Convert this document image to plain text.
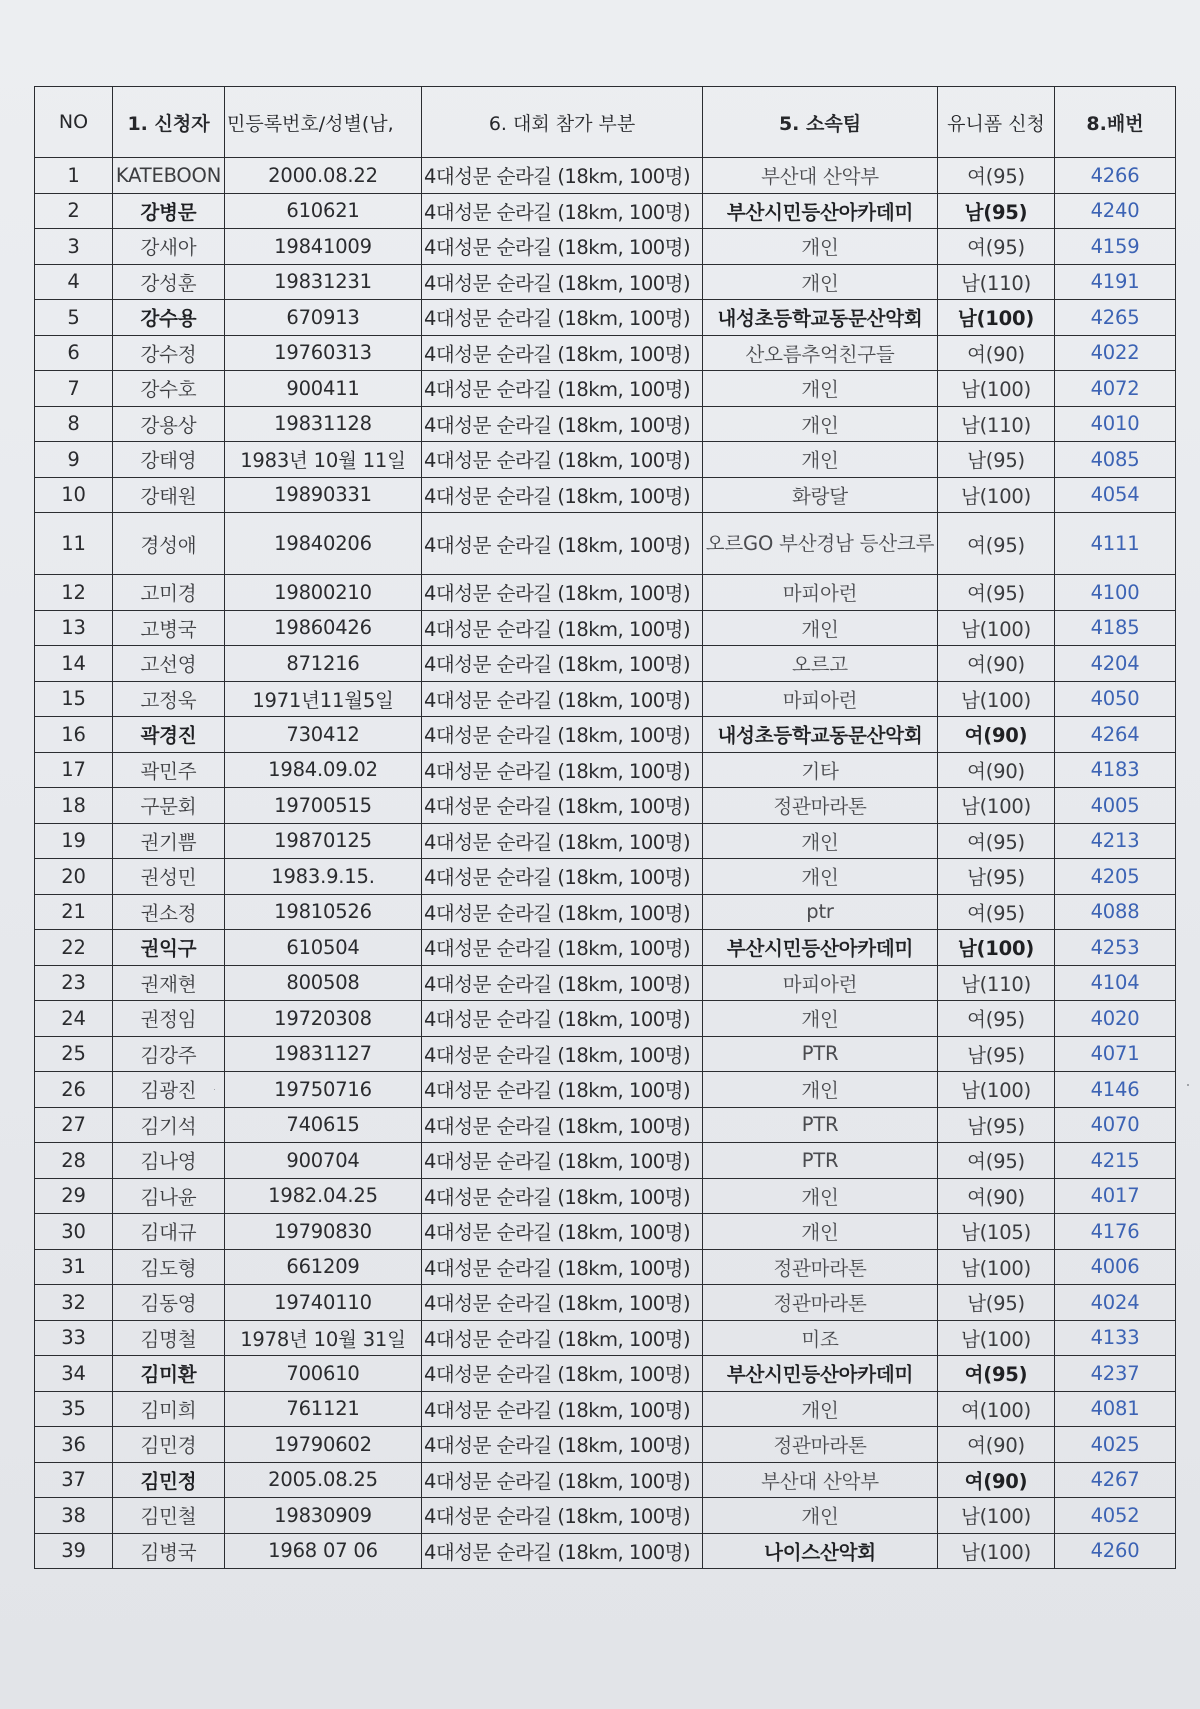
NO	1. 신청자	민등록번호/성별(남,	6. 대회 참가 부분	5. 소속팀	유니폼 신청	8.배번
1	KATEBOON	2000.08.22	4대성문 순라길 (18km, 100명)	부산대 산악부	여(95)	4266
2	강병문	610621	4대성문 순라길 (18km, 100명)	부산시민등산아카데미	남(95)	4240
3	강새아	19841009	4대성문 순라길 (18km, 100명)	개인	여(95)	4159
4	강성훈	19831231	4대성문 순라길 (18km, 100명)	개인	남(110)	4191
5	강수용	670913	4대성문 순라길 (18km, 100명)	내성초등학교동문산악회	남(100)	4265
6	강수정	19760313	4대성문 순라길 (18km, 100명)	산오름추억친구들	여(90)	4022
7	강수호	900411	4대성문 순라길 (18km, 100명)	개인	남(100)	4072
8	강용상	19831128	4대성문 순라길 (18km, 100명)	개인	남(110)	4010
9	강태영	1983년 10월 11일	4대성문 순라길 (18km, 100명)	개인	남(95)	4085
10	강태원	19890331	4대성문 순라길 (18km, 100명)	화랑달	남(100)	4054
11	경성애	19840206	4대성문 순라길 (18km, 100명)	오르GO 부산경남 등산크루	여(95)	4111
12	고미경	19800210	4대성문 순라길 (18km, 100명)	마피아런	여(95)	4100
13	고병국	19860426	4대성문 순라길 (18km, 100명)	개인	남(100)	4185
14	고선영	871216	4대성문 순라길 (18km, 100명)	오르고	여(90)	4204
15	고정욱	1971년11월5일	4대성문 순라길 (18km, 100명)	마피아런	남(100)	4050
16	곽경진	730412	4대성문 순라길 (18km, 100명)	내성초등학교동문산악회	여(90)	4264
17	곽민주	1984.09.02	4대성문 순라길 (18km, 100명)	기타	여(90)	4183
18	구문회	19700515	4대성문 순라길 (18km, 100명)	정관마라톤	남(100)	4005
19	권기쁨	19870125	4대성문 순라길 (18km, 100명)	개인	여(95)	4213
20	권성민	1983.9.15.	4대성문 순라길 (18km, 100명)	개인	남(95)	4205
21	권소정	19810526	4대성문 순라길 (18km, 100명)	ptr	여(95)	4088
22	권익구	610504	4대성문 순라길 (18km, 100명)	부산시민등산아카데미	남(100)	4253
23	권재현	800508	4대성문 순라길 (18km, 100명)	마피아런	남(110)	4104
24	권정임	19720308	4대성문 순라길 (18km, 100명)	개인	여(95)	4020
25	김강주	19831127	4대성문 순라길 (18km, 100명)	PTR	남(95)	4071
26	김광진	19750716	4대성문 순라길 (18km, 100명)	개인	남(100)	4146
27	김기석	740615	4대성문 순라길 (18km, 100명)	PTR	남(95)	4070
28	김나영	900704	4대성문 순라길 (18km, 100명)	PTR	여(95)	4215
29	김나윤	1982.04.25	4대성문 순라길 (18km, 100명)	개인	여(90)	4017
30	김대규	19790830	4대성문 순라길 (18km, 100명)	개인	남(105)	4176
31	김도형	661209	4대성문 순라길 (18km, 100명)	정관마라톤	남(100)	4006
32	김동영	19740110	4대성문 순라길 (18km, 100명)	정관마라톤	남(95)	4024
33	김명철	1978년 10월 31일	4대성문 순라길 (18km, 100명)	미조	남(100)	4133
34	김미환	700610	4대성문 순라길 (18km, 100명)	부산시민등산아카데미	여(95)	4237
35	김미희	761121	4대성문 순라길 (18km, 100명)	개인	여(100)	4081
36	김민경	19790602	4대성문 순라길 (18km, 100명)	정관마라톤	여(90)	4025
37	김민정	2005.08.25	4대성문 순라길 (18km, 100명)	부산대 산악부	여(90)	4267
38	김민철	19830909	4대성문 순라길 (18km, 100명)	개인	남(100)	4052
39	김병국	1968 07 06	4대성문 순라길 (18km, 100명)	나이스산악회	남(100)	4260
